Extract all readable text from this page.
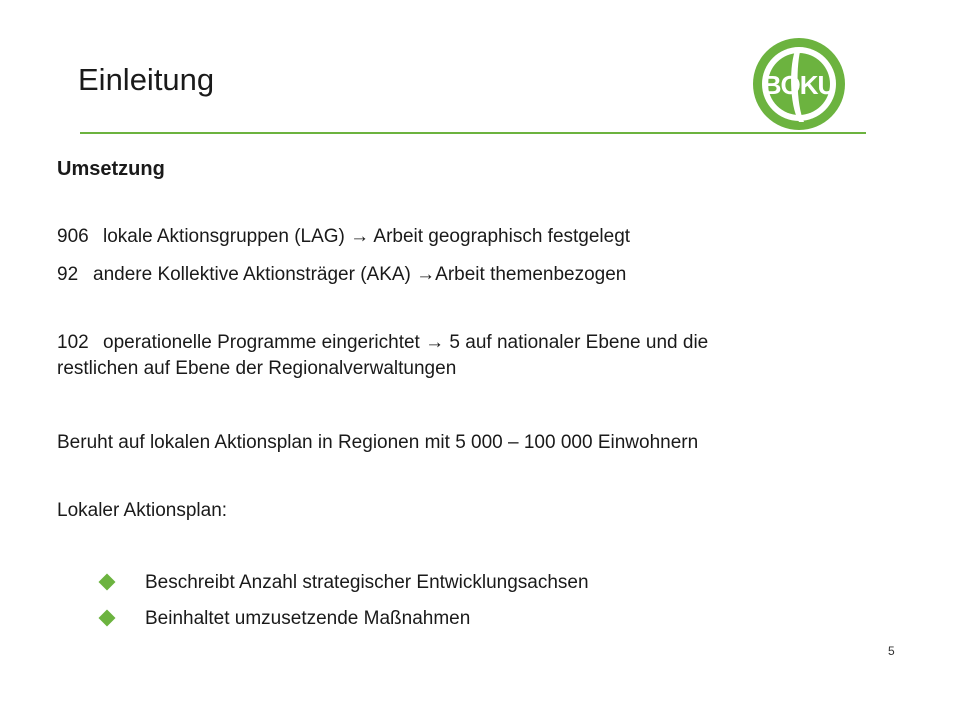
Einleitung	BOKU
Umsetzung
906 lokale Aktionsgruppen (LAG) → Arbeit geographisch festgelegt
92 andere Kollektive Aktionsträger (AKA) →Arbeit themenbezogen
102 operationelle Programme eingerichtet → 5 auf nationaler Ebene und die
restlichen auf Ebene der Regionalverwaltungen
Beruht auf lokalen Aktionsplan in Regionen mit 5 000 – 100 000 Einwohnern
Lokaler Aktionsplan:
Beschreibt Anzahl strategischer Entwicklungsachsen
Beinhaltet umzusetzende Maßnahmen
5
